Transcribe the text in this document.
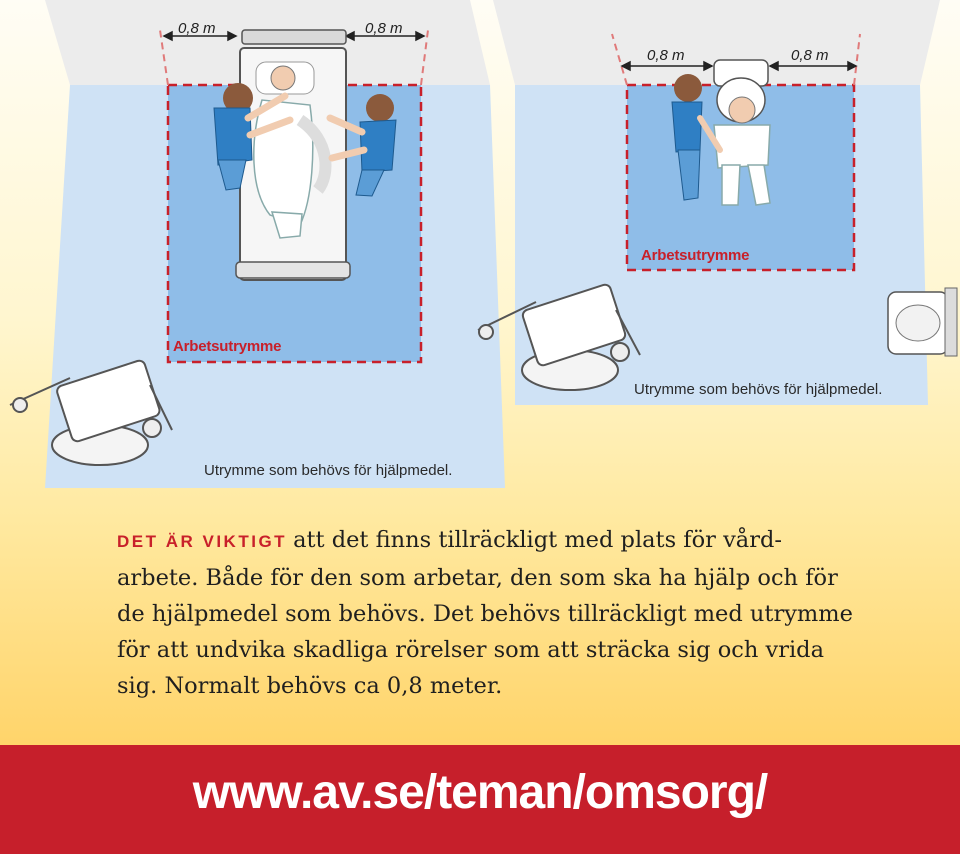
0,8 m	0,8 m
Arbetsutrymme
Utrymme som behövs för hjälpmedel.
0,8 m	0,8 m
Arbetsutrymme
Utrymme som behövs för hjälpmedel.

DET ÄR VIKTIGT att det finns tillräckligt med plats för vård-arbete. Både för den som arbetar, den som ska ha hjälp och för de hjälpmedel som behövs. Det behövs tillräckligt med utrymme för att undvika skadliga rörelser som att sträcka sig och vrida sig. Normalt behövs ca 0,8 meter.

www.av.se/teman/omsorg/
